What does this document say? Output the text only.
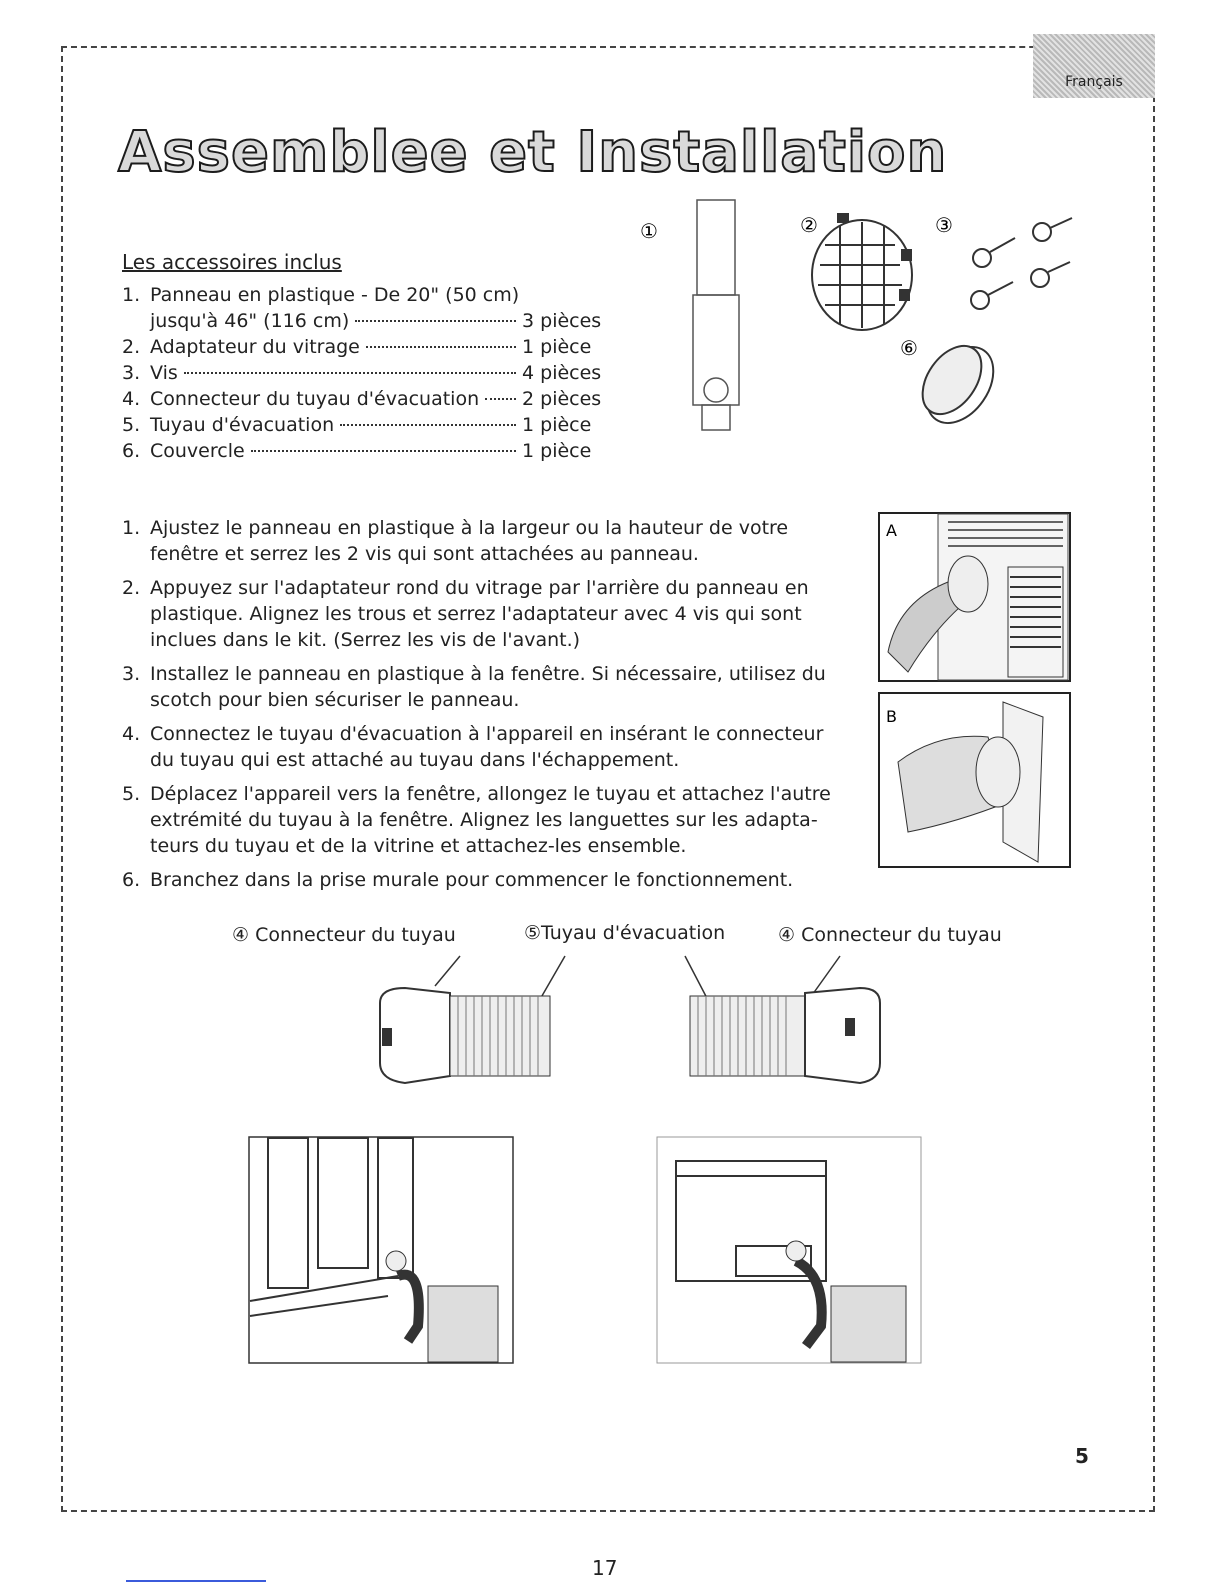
Français
Assemblee et Installation
Les accessoires inclus
1. Panneau en plastique - De 20" (50 cm)
jusqu'à 46" (116 cm)	3 pièces
2. Adaptateur du vitrage	1 pièce
3. Vis	4 pièces
4. Connecteur du tuyau d'évacuation 2 pièces
5. Tuyau d'évacuation	1 pièce
6. Couvercle	1 pièce
①	②	③
⑥
1. Ajustez le panneau en plastique à la largeur ou la hauteur de votre fenêtre et serrez les 2 vis qui sont attachées au panneau.
2. Appuyez sur l'adaptateur rond du vitrage par l'arrière du panneau en plastique. Alignez les trous et serrez l'adaptateur avec 4 vis qui sont inclues dans le kit. (Serrez les vis de l'avant.)
3. Installez le panneau en plastique à la fenêtre. Si nécessaire, utilisez du scotch pour bien sécuriser le panneau.
4. Connectez le tuyau d'évacuation à l'appareil en insérant le connecteur du tuyau qui est attaché au tuyau dans l'échappement.
5. Déplacez l'appareil vers la fenêtre, allongez le tuyau et attachez l'autre extrémité du tuyau à la fenêtre. Alignez les languettes sur les adapta-teurs du tuyau et de la vitrine et attachez-les ensemble.
6. Branchez dans la prise murale pour commencer le fonctionnement.
A
B
④ Connecteur du tuyau	⑤Tuyau d'évacuation	④ Connecteur du tuyau
5
17
